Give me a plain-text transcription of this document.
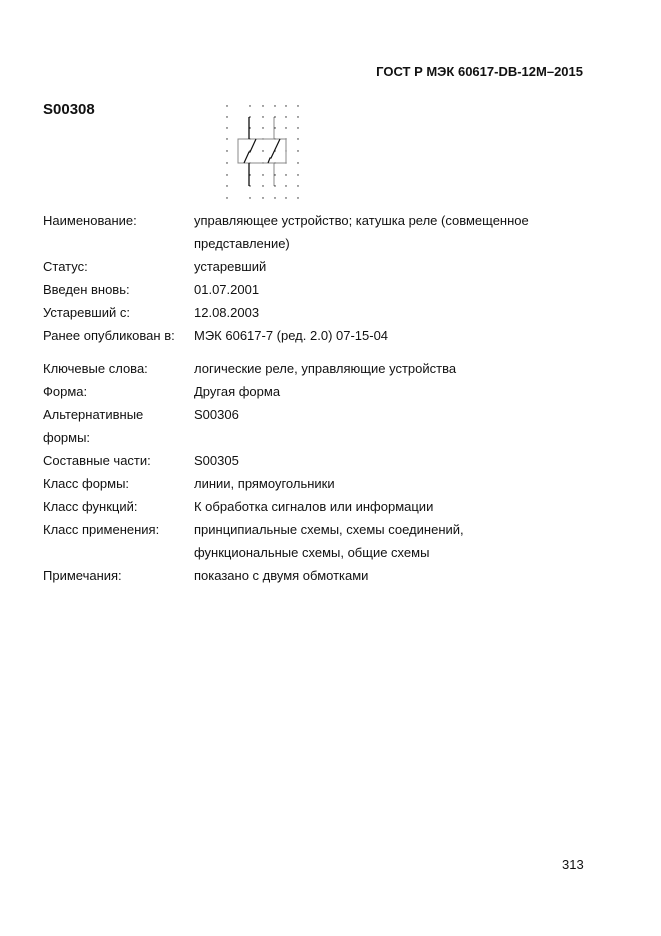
ГОСТ Р МЭК 60617-DB-12M–2015
S00308
Наименование:	управляющее устройство; катушка реле (совмещенное представление)
Статус:	устаревший
Введен вновь:	01.07.2001
Устаревший с:	12.08.2003
Ранее опубликован в:	МЭК 60617-7 (ред. 2.0) 07-15-04
Ключевые слова:	логические реле, управляющие устройства
Форма:	Другая форма
Альтернативные формы:
S00306
Составные части:	S00305
Класс формы:	линии, прямоугольники
Класс функций:	К обработка сигналов или информации
Класс применения:	принципиальные схемы, схемы соединений, функциональные схемы, общие схемы
Примечания:	показано с двумя обмотками
313
